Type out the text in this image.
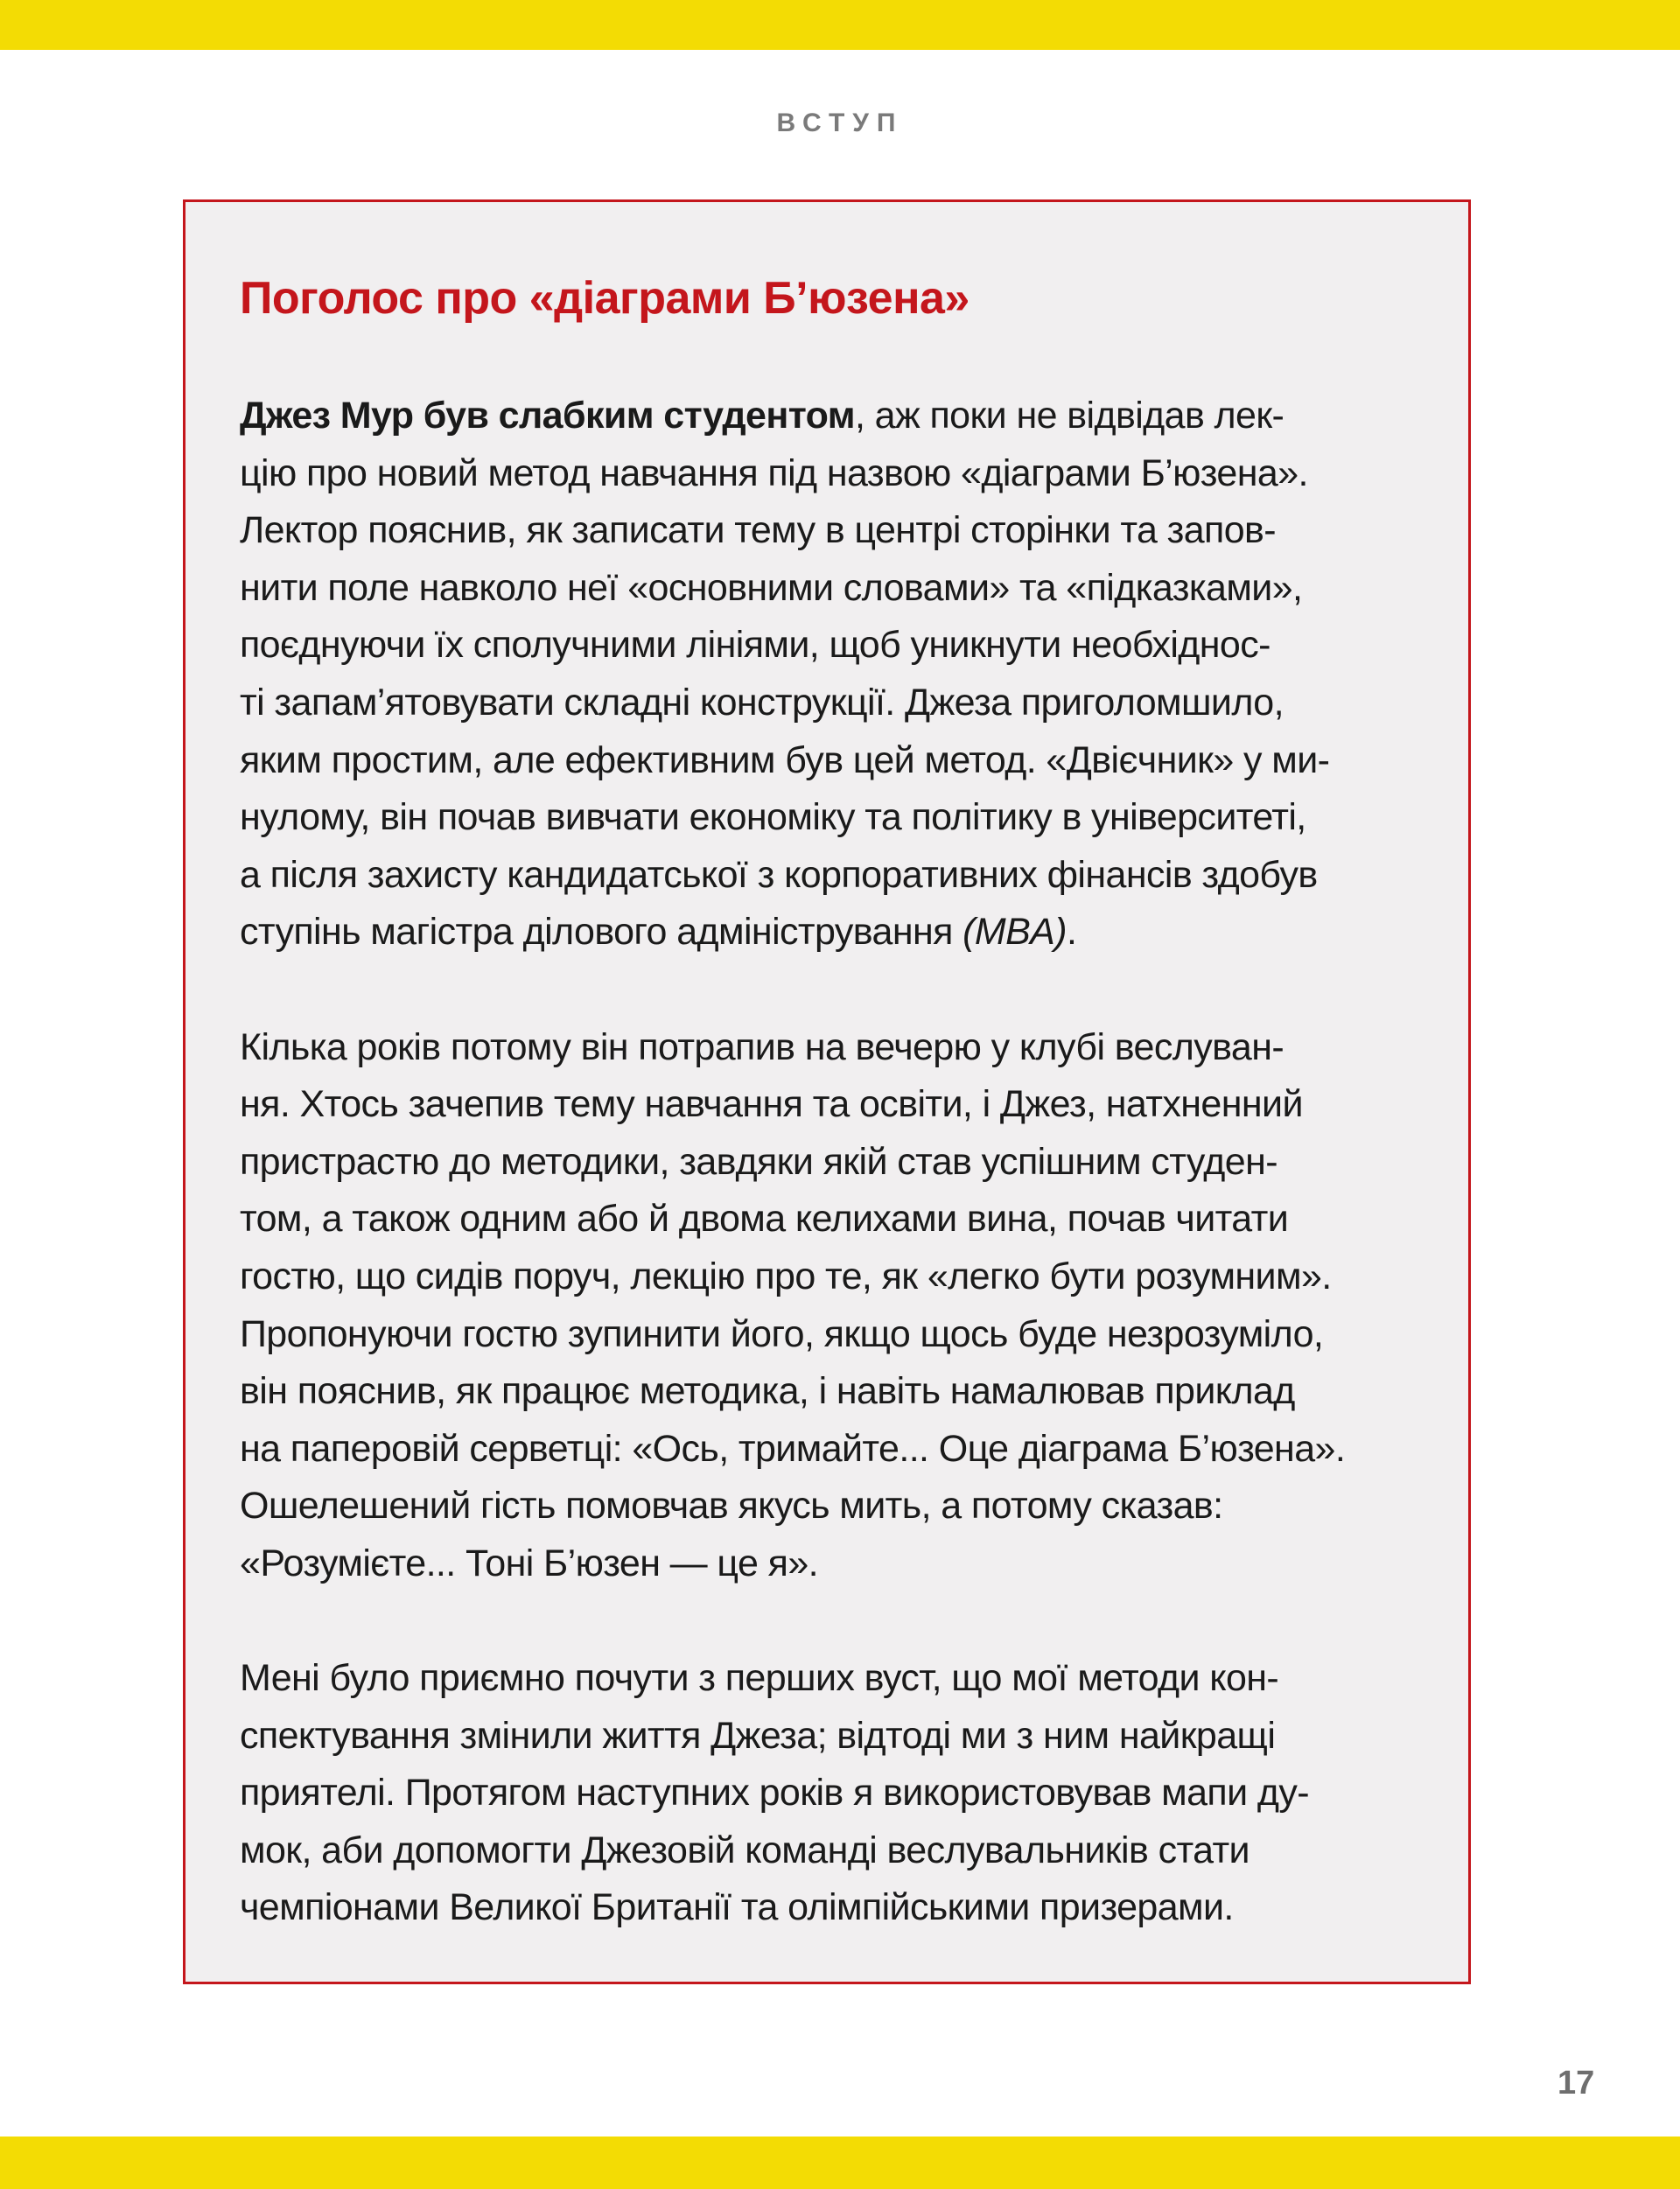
ВСТУП
Поголос про «діаграми Б’юзена»
Джез Мур був слабким студентом, аж поки не відвідав лек-
цію про новий метод навчання під назвою «діаграми Б’юзена».
Лектор пояснив, як записати тему в центрі сторінки та запов-
нити поле навколо неї «основними словами» та «підказками»,
поєднуючи їх сполучними лініями, щоб уникнути необхіднос-
ті запам’ятовувати складні конструкції. Джеза приголомшило,
яким простим, але ефективним був цей метод. «Двієчник» у ми-
нулому, він почав вивчати економіку та політику в університеті,
а після захисту кандидатської з корпоративних фінансів здобув
ступінь магістра ділового адміністрування (MBA).
Кілька років потому він потрапив на вечерю у клубі веслуван-
ня. Хтось зачепив тему навчання та освіти, і Джез, натхненний
пристрастю до методики, завдяки якій став успішним студен-
том, а також одним або й двома келихами вина, почав читати
гостю, що сидів поруч, лекцію про те, як «легко бути розумним».
Пропонуючи гостю зупинити його, якщо щось буде незрозуміло,
він пояснив, як працює методика, і навіть намалював приклад
на паперовій серветці: «Ось, тримайте... Оце діаграма Б’юзена».
Ошелешений гість помовчав якусь мить, а потому сказав:
«Розумієте... Тоні Б’юзен — це я».
Мені було приємно почути з перших вуст, що мої методи кон-
спектування змінили життя Джеза; відтоді ми з ним найкращі
приятелі. Протягом наступних років я використовував мапи ду-
мок, аби допомогти Джезовій команді веслувальників стати
чемпіонами Великої Британії та олімпійськими призерами.
17
